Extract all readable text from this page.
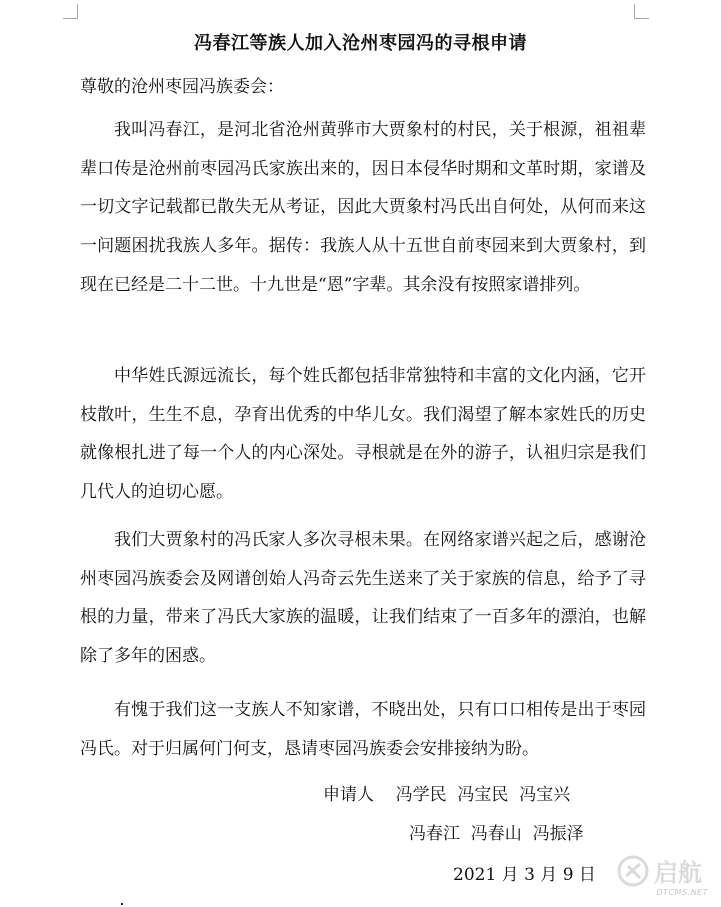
冯春江等族人加入沧州枣园冯的寻根申请
尊敬的沧州枣园冯族委会：

我叫冯春江，是河北省沧州黄骅市大贾象村的村民，关于根源，祖祖辈辈口传是沧州前枣园冯氏家族出来的，因日本侵华时期和文革时期，家谱及一切文字记载都已散失无从考证，因此大贾象村冯氏出自何处，从何而来这一问题困扰我族人多年。据传：我族人从十五世自前枣园来到大贾象村，到现在已经是二十二世。十九世是“恩”字辈。其余没有按照家谱排列。

中华姓氏源远流长，每个姓氏都包括非常独特和丰富的文化内涵，它开枝散叶，生生不息，孕育出优秀的中华儿女。我们渴望了解本家姓氏的历史就像根扎进了每一个人的内心深处。寻根就是在外的游子，认祖归宗是我们几代人的迫切心愿。

我们大贾象村的冯氏家人多次寻根未果。在网络家谱兴起之后，感谢沧州枣园冯族委会及网谱创始人冯奇云先生送来了关于家族的信息，给予了寻根的力量，带来了冯氏大家族的温暖，让我们结束了一百多年的漂泊，也解除了多年的困惑。

有愧于我们这一支族人不知家谱，不晓出处，只有口口相传是出于枣园冯氏。对于归属何门何支，恳请枣园冯族委会安排接纳为盼。

申请人    冯学民  冯宝民  冯宝兴
冯春江  冯春山  冯振泽
2021 月 3 月 9 日 启航
DTCMS.NET
